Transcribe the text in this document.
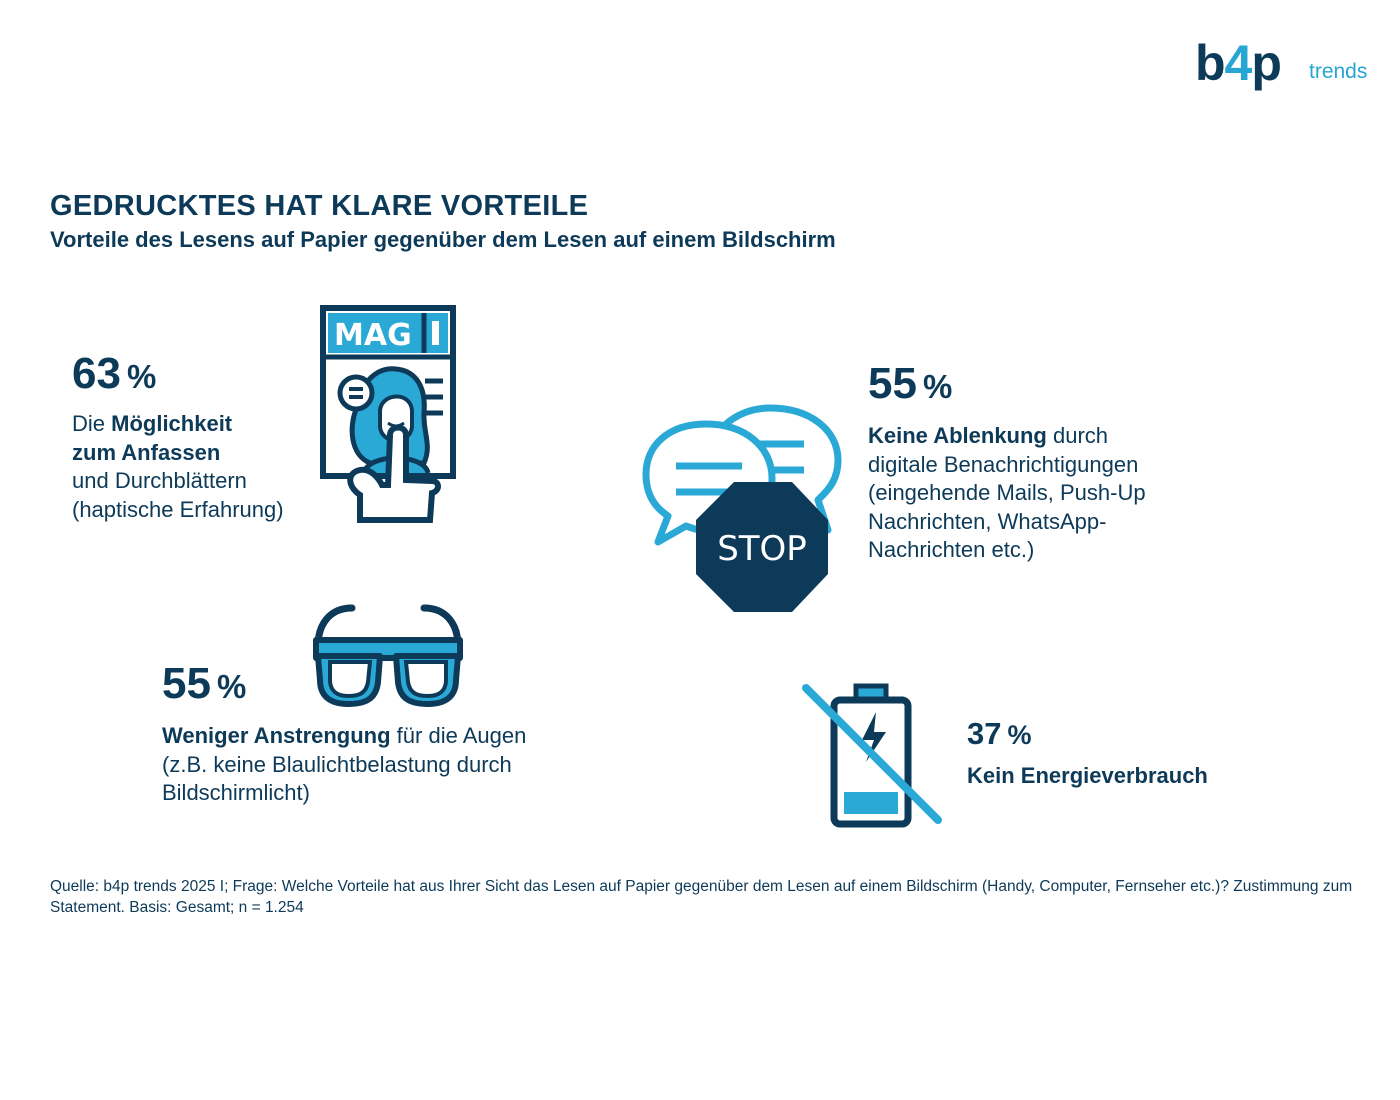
b4p trends
GEDRUCKTES HAT KLARE VORTEILE
Vorteile des Lesens auf Papier gegenüber dem Lesen auf einem Bildschirm
63 %
Die Möglichkeit
zum Anfassen
und Durchblättern
(haptische Erfahrung)
MAG
55 %
Keine Ablenkung durch
digitale Benachrichtigungen
(eingehende Mails, Push-Up
Nachrichten, WhatsApp-
Nachrichten etc.)
STOP
55 %
Weniger Anstrengung für die Augen
(z.B. keine Blaulichtbelastung durch
Bildschirmlicht)
37 %
Kein Energieverbrauch
Quelle: b4p trends 2025 I; Frage: Welche Vorteile hat aus Ihrer Sicht das Lesen auf Papier gegenüber dem Lesen auf einem Bildschirm (Handy, Computer, Fernseher etc.)? Zustimmung zum Statement. Basis: Gesamt; n = 1.254
